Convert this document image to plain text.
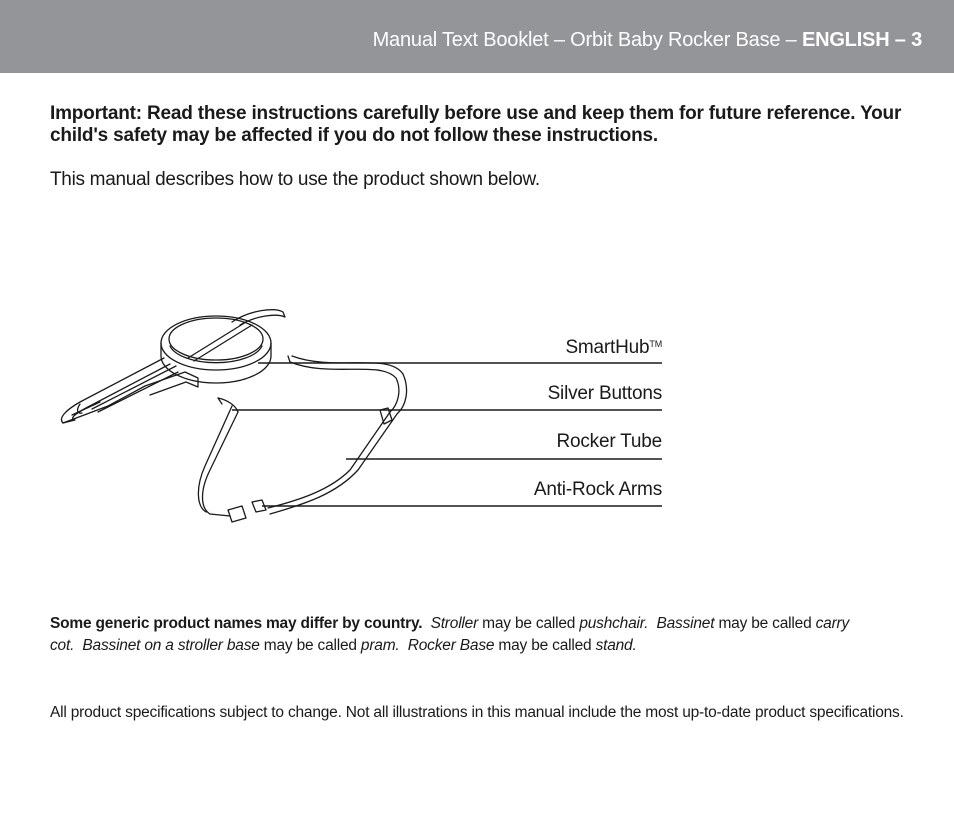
Manual Text Booklet – Orbit Baby Rocker Base – ENGLISH – 3
Important: Read these instructions carefully before use and keep them for future reference. Your child's safety may be affected if you do not follow these instructions.
This manual describes how to use the product shown below.
SmartHub™
Silver Buttons
Rocker Tube
Anti-Rock Arms
Some generic product names may differ by country. Stroller may be called pushchair. Bassinet may be called carry cot. Bassinet on a stroller base may be called pram. Rocker Base may be called stand.
All product specifications subject to change. Not all illustrations in this manual include the most up-to-date product specifications.
